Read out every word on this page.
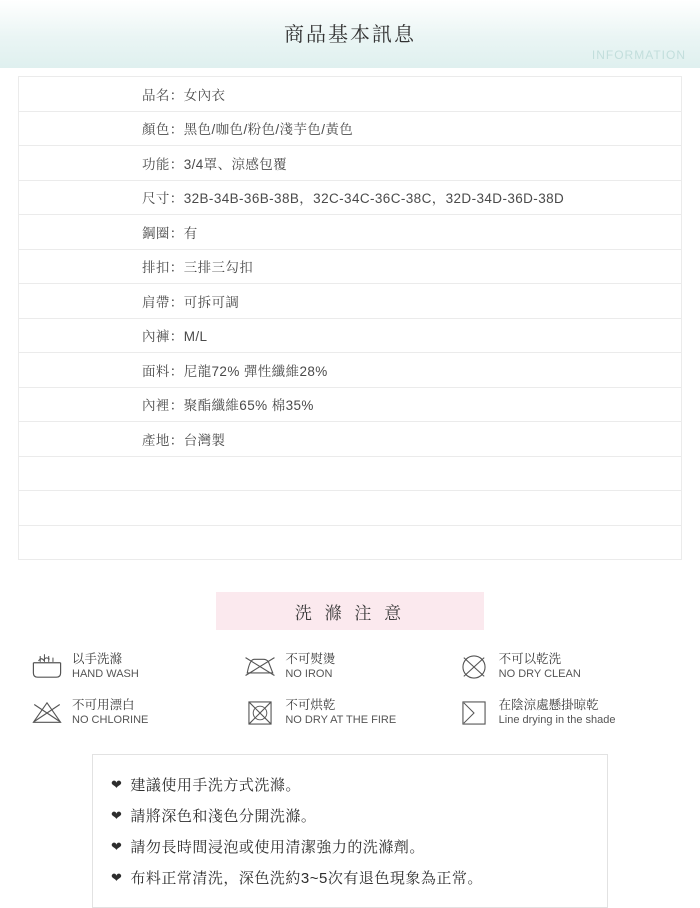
商品基本訊息
INFORMATION
品名：女內衣
顏色：黑色/咖色/粉色/淺芋色/黃色
功能：3/4罩、涼感包覆
尺寸：32B-34B-36B-38B，32C-34C-36C-38C，32D-34D-36D-38D
鋼圈：有
排扣：三排三勾扣
肩帶：可拆可調
內褲：M/L
面料：尼龍72% 彈性纖維28%
內裡：聚酯纖維65% 棉35%
產地：台灣製
洗 滌 注 意
以手洗滌
HAND WASH
不可熨燙
NO IRON
不可以乾洗
NO DRY CLEAN
不可用漂白
NO CHLORINE
不可烘乾
NO DRY AT THE FIRE
在陰涼處懸掛晾乾
Line drying in the shade
❤ 建議使用手洗方式洗滌。
❤ 請將深色和淺色分開洗滌。
❤ 請勿長時間浸泡或使用清潔強力的洗滌劑。
❤ 布料正常清洗，深色洗約3~5次有退色現象為正常。
